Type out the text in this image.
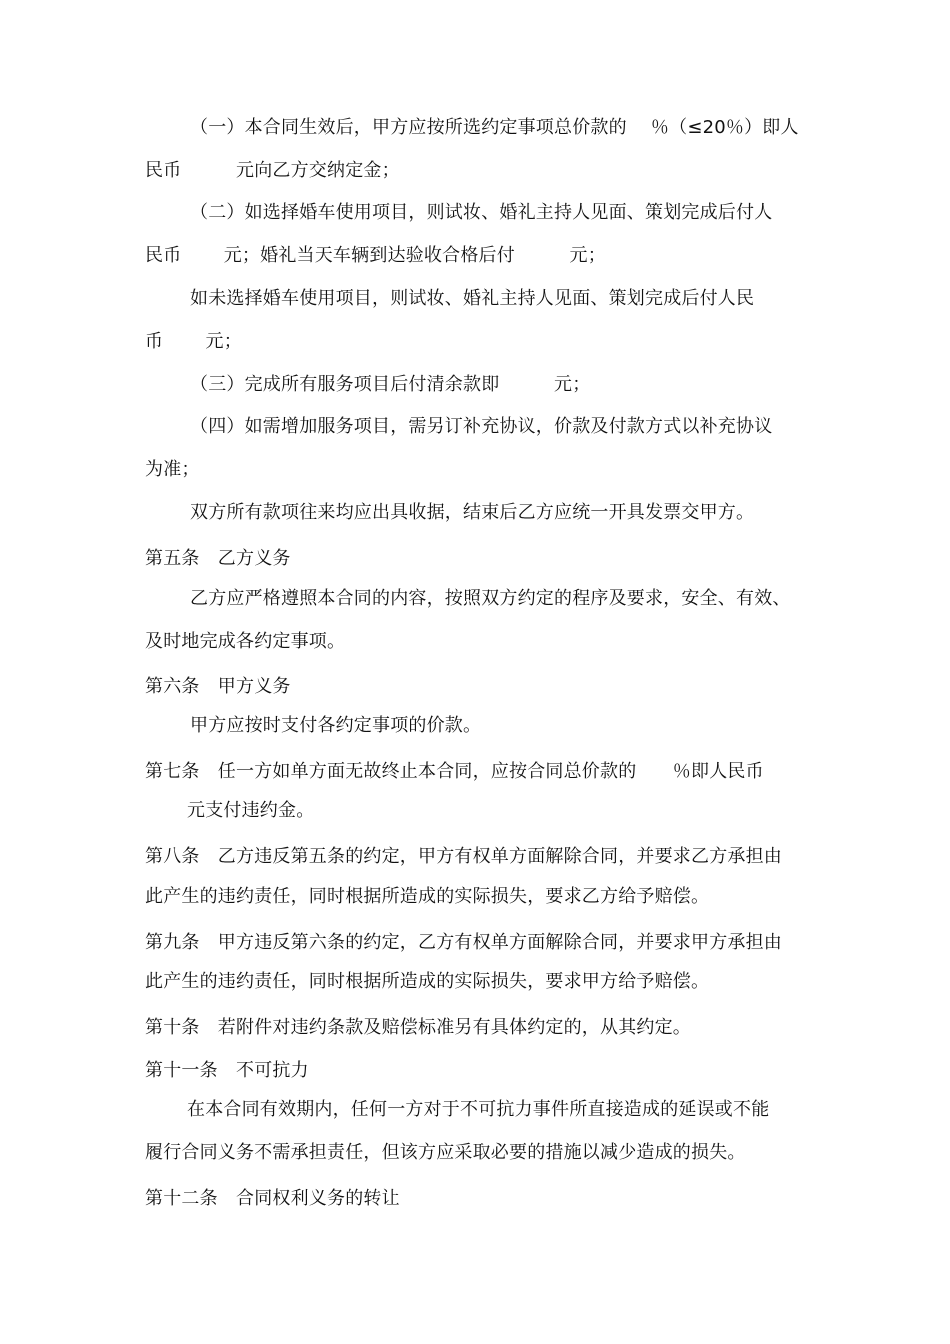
（一）本合同生效后，甲方应按所选约定事项总价款的　 ％（≤20％）即人
民币　　　元向乙方交纳定金；
（二）如选择婚车使用项目，则试妆、婚礼主持人见面、策划完成后付人
民币　　 元；婚礼当天车辆到达验收合格后付　　　元；
如未选择婚车使用项目，则试妆、婚礼主持人见面、策划完成后付人民
币　　 元；
（三）完成所有服务项目后付清余款即　　　元；
（四）如需增加服务项目，需另订补充协议，价款及付款方式以补充协议
为准；
双方所有款项往来均应出具收据，结束后乙方应统一开具发票交甲方。
第五条　乙方义务
乙方应严格遵照本合同的内容，按照双方约定的程序及要求，安全、有效、
及时地完成各约定事项。
第六条　甲方义务
甲方应按时支付各约定事项的价款。
第七条　任一方如单方面无故终止本合同，应按合同总价款的　　％即人民币
元支付违约金。
第八条　乙方违反第五条的约定，甲方有权单方面解除合同，并要求乙方承担由
此产生的违约责任，同时根据所造成的实际损失，要求乙方给予赔偿。
第九条　甲方违反第六条的约定，乙方有权单方面解除合同，并要求甲方承担由
此产生的违约责任，同时根据所造成的实际损失，要求甲方给予赔偿。
第十条　若附件对违约条款及赔偿标准另有具体约定的，从其约定。
第十一条　不可抗力
在本合同有效期内，任何一方对于不可抗力事件所直接造成的延误或不能
履行合同义务不需承担责任，但该方应采取必要的措施以减少造成的损失。
第十二条　合同权利义务的转让
